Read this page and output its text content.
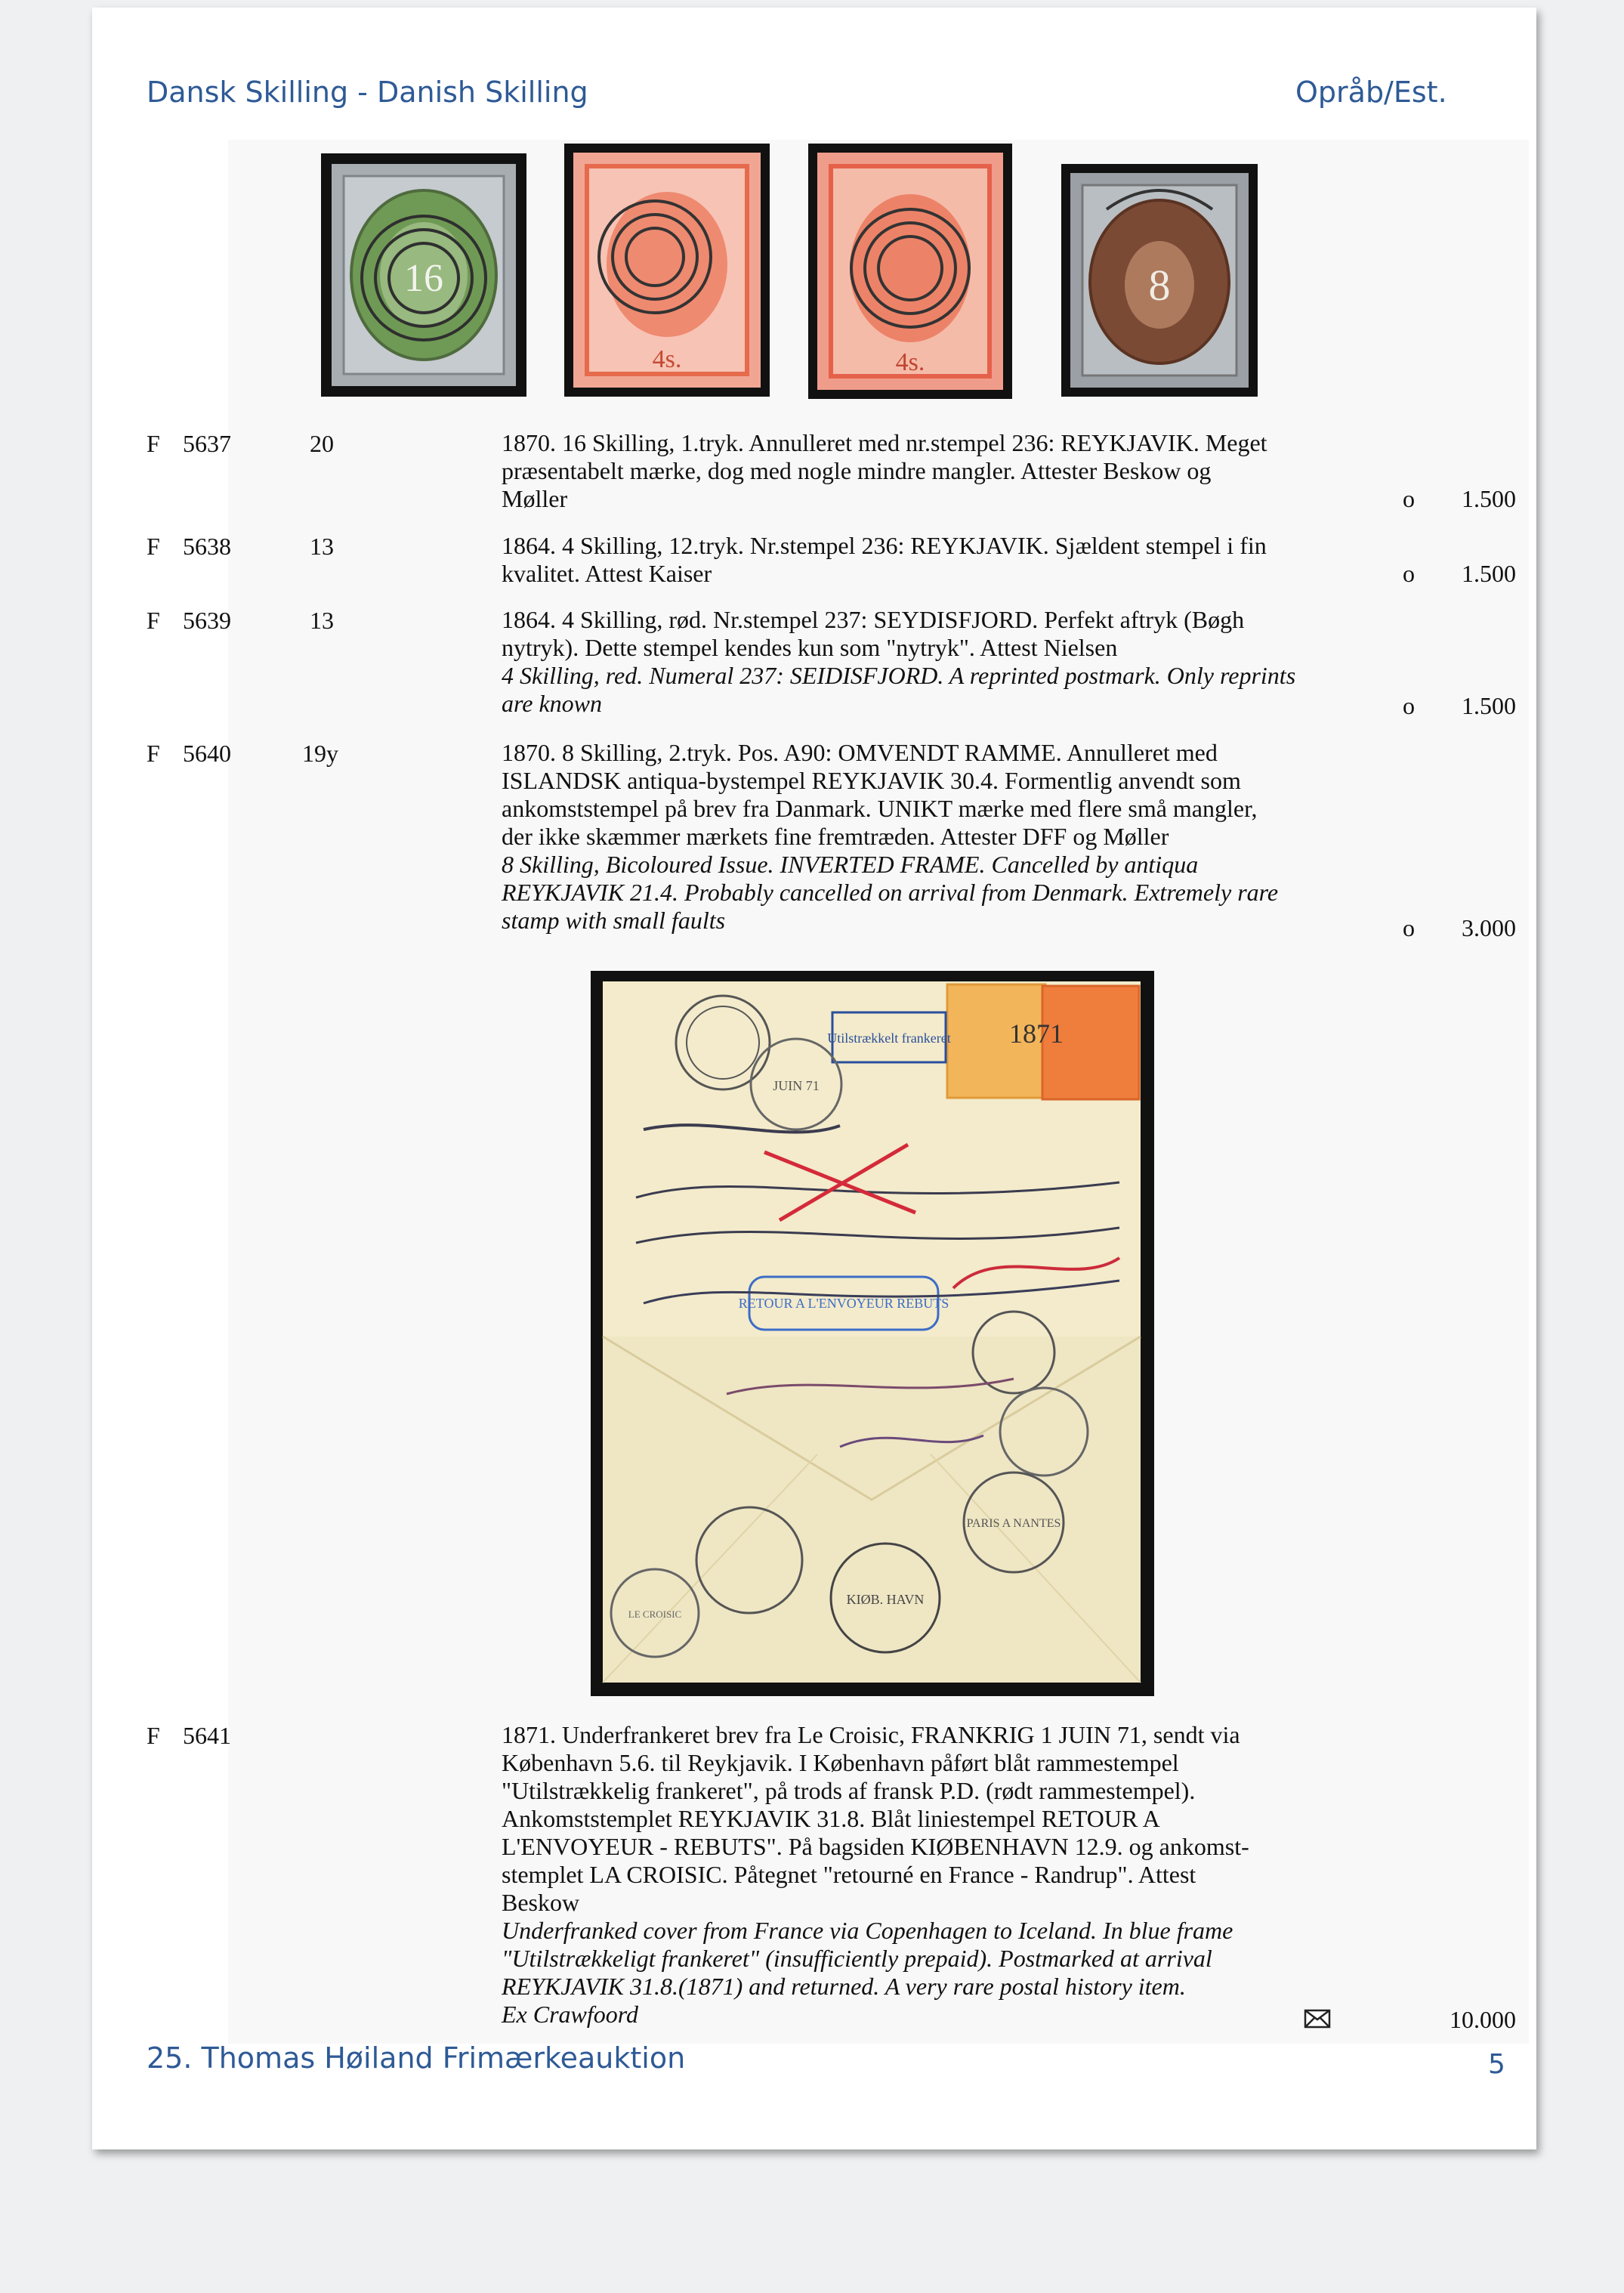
Dansk Skilling - Danish Skilling	Opråb/Est.
16
4s.	4s.
8
F 5637	20	1870. 16 Skilling, 1.tryk. Annulleret med nr.stempel 236: REYKJAVIK. Meget
præsentabelt mærke, dog med nogle mindre mangler. Attester Beskow og
Møller	o	1.500
F 5638	13	1864. 4 Skilling, 12.tryk. Nr.stempel 236: REYKJAVIK. Sjældent stempel i fin
kvalitet. Attest Kaiser	o	1.500
F 5639	13	1864. 4 Skilling, rød. Nr.stempel 237: SEYDISFJORD. Perfekt aftryk (Bøgh
nytryk). Dette stempel kendes kun som "nytryk". Attest Nielsen
4 Skilling, red. Numeral 237: SEIDISFJORD. A reprinted postmark. Only reprints
are known	o	1.500
F 5640	19y	1870. 8 Skilling, 2.tryk. Pos. A90: OMVENDT RAMME. Annulleret med
ISLANDSK antiqua-bystempel REYKJAVIK 30.4. Formentlig anvendt som
ankomststempel på brev fra Danmark. UNIKT mærke med flere små mangler,
der ikke skæmmer mærkets fine fremtræden. Attester DFF og Møller
8 Skilling, Bicoloured Issue. INVERTED FRAME. Cancelled by antiqua
REYKJAVIK 21.4. Probably cancelled on arrival from Denmark. Extremely rare
stamp with small faults	o	3.000
1871
Utilstrækkelt frankeret
JUIN 71
RETOUR A L'ENVOYEUR REBUTS
PARIS A NANTES
KIØB. HAVN
LE CROISIC
F 5641	1871. Underfrankeret brev fra Le Croisic, FRANKRIG 1 JUIN 71, sendt via
København 5.6. til Reykjavik. I København påført blåt rammestempel
"Utilstrækkelig frankeret", på trods af fransk P.D. (rødt rammestempel).
Ankomststemplet REYKJAVIK 31.8. Blåt liniestempel RETOUR A
L'ENVOYEUR - REBUTS". På bagsiden KIØBENHAVN 12.9. og ankomst-
stemplet LA CROISIC. Påtegnet "retourné en France - Randrup". Attest
Beskow
Underfranked cover from France via Copenhagen to Iceland. In blue frame
"Utilstrækkeligt frankeret" (insufficiently prepaid). Postmarked at arrival
REYKJAVIK 31.8.(1871) and returned. A very rare postal history item.
Ex Crawfoord	10.000
25. Thomas Høiland Frimærkeauktion	5
